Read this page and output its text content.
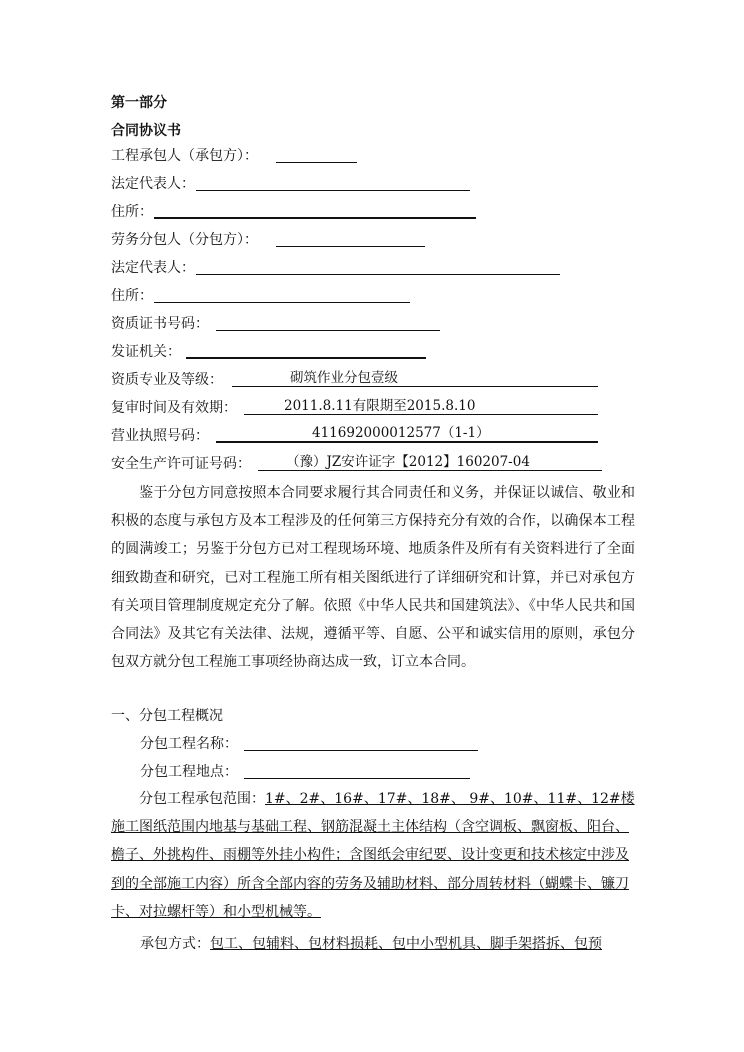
第一部分
合同协议书
工程承包人（承包方）：
法定代表人：
住所：
劳务分包人（分包方）：
法定代表人：
住所：
资质证书号码：
发证机关：
资质专业及等级：	砌筑作业分包壹级
复审时间及有效期：	2011.8.11有限期至2015.8.10
营业执照号码：	411692000012577（1-1）
安全生产许可证号码：	（豫）JZ安许证字【2012】160207-04
鉴于分包方同意按照本合同要求履行其合同责任和义务，并保证以诚信、敬业和积极的态度与承包方及本工程涉及的任何第三方保持充分有效的合作，以确保本工程的圆满竣工；另鉴于分包方已对工程现场环境、地质条件及所有有关资料进行了全面细致勘查和研究，已对工程施工所有相关图纸进行了详细研究和计算，并已对承包方有关项目管理制度规定充分了解。依照《中华人民共和国建筑法》、《中华人民共和国合同法》及其它有关法律、法规，遵循平等、自愿、公平和诚实信用的原则，承包分包双方就分包工程施工事项经协商达成一致，订立本合同。
一、分包工程概况
分包工程名称：
分包工程地点：
分包工程承包范围：1#、2#、16#、17#、18#、 9#、10#、11#、12#楼施工图纸范围内地基与基础工程、钢筋混凝土主体结构（含空调板、飘窗板、阳台、檐子、外挑构件、雨棚等外挂小构件；含图纸会审纪要、设计变更和技术核定中涉及到的全部施工内容）所含全部内容的劳务及辅助材料、部分周转材料（蝴蝶卡、镰刀卡、对拉螺杆等）和小型机械等。
承包方式：包工、包辅料、包材料损耗、包中小型机具、脚手架搭拆、包预
